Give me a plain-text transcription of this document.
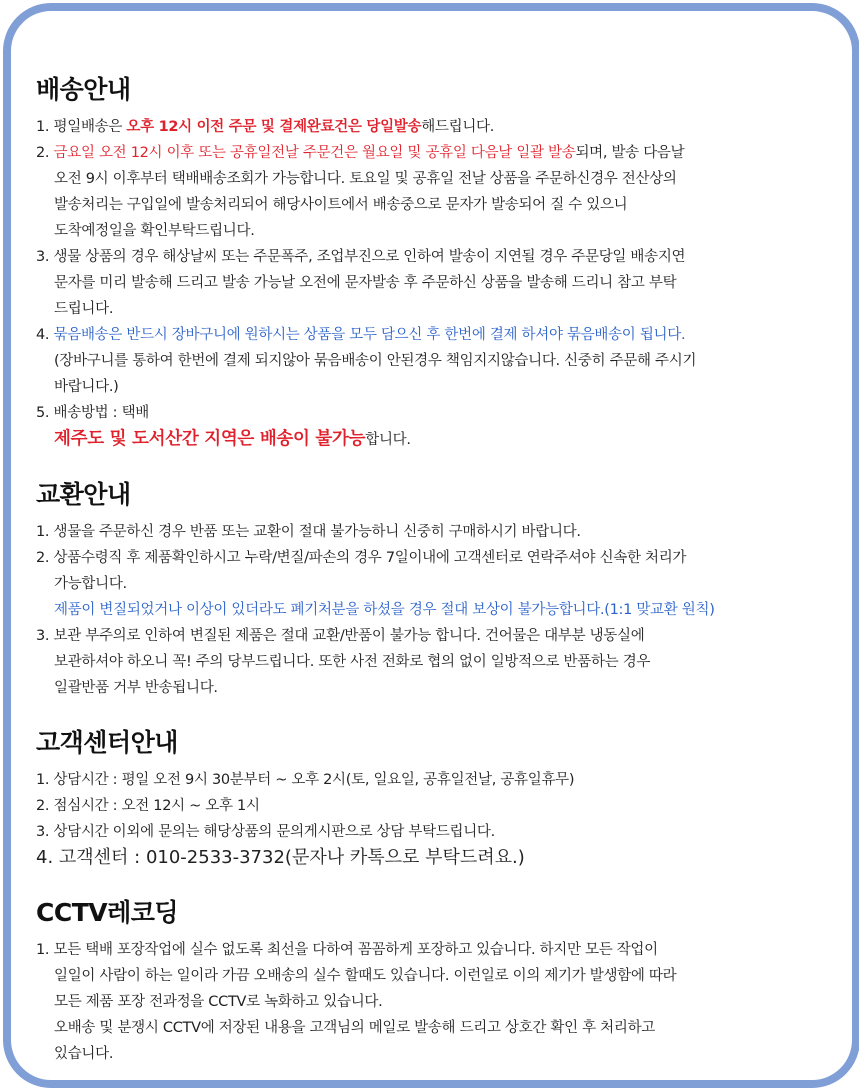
배송안내
1. 평일배송은 오후 12시 이전 주문 및 결제완료건은 당일발송해드립니다.
2. 금요일 오전 12시 이후 또는 공휴일전날 주문건은 월요일 및 공휴일 다음날 일괄 발송되며, 발송 다음날
오전 9시 이후부터 택배배송조회가 가능합니다. 토요일 및 공휴일 전날 상품을 주문하신경우 전산상의
발송처리는 구입일에 발송처리되어 해당사이트에서 배송중으로 문자가 발송되어 질 수 있으니
도착예정일을 확인부탁드립니다.
3. 생물 상품의 경우 해상날씨 또는 주문폭주, 조업부진으로 인하여 발송이 지연될 경우 주문당일 배송지연
문자를 미리 발송해 드리고 발송 가능날 오전에 문자발송 후 주문하신 상품을 발송해 드리니 참고 부탁
드립니다.
4. 묶음배송은 반드시 장바구니에 원하시는 상품을 모두 담으신 후 한번에 결제 하셔야 묶음배송이 됩니다.
(장바구니를 통하여 한번에 결제 되지않아 묶음배송이 안된경우 책임지지않습니다. 신중히 주문해 주시기
바랍니다.)
5. 배송방법 : 택배
제주도 및 도서산간 지역은 배송이 불가능합니다.
교환안내
1. 생물을 주문하신 경우 반품 또는 교환이 절대 불가능하니 신중히 구매하시기 바랍니다.
2. 상품수령직 후 제품확인하시고 누락/변질/파손의 경우 7일이내에 고객센터로 연락주셔야 신속한 처리가
가능합니다.
제품이 변질되었거나 이상이 있더라도 폐기처분을 하셨을 경우 절대 보상이 불가능합니다.(1:1 맞교환 원칙)
3. 보관 부주의로 인하여 변질된 제품은 절대 교환/반품이 불가능 합니다. 건어물은 대부분 냉동실에
보관하셔야 하오니 꼭! 주의 당부드립니다. 또한 사전 전화로 협의 없이 일방적으로 반품하는 경우
일괄반품 거부 반송됩니다.
고객센터안내
1. 상담시간 : 평일 오전 9시 30분부터 ~ 오후 2시(토, 일요일, 공휴일전날, 공휴일휴무)
2. 점심시간 : 오전 12시 ~ 오후 1시
3. 상담시간 이외에 문의는 해당상품의 문의게시판으로 상담 부탁드립니다.
4. 고객센터 : 010-2533-3732(문자나 카톡으로 부탁드려요.)
CCTV레코딩
1. 모든 택배 포장작업에 실수 없도록 최선을 다하여 꼼꼼하게 포장하고 있습니다. 하지만 모든 작업이
일일이 사람이 하는 일이라 가끔 오배송의 실수 할때도 있습니다. 이런일로 이의 제기가 발생함에 따라
모든 제품 포장 전과정을 CCTV로 녹화하고 있습니다.
오배송 및 분쟁시 CCTV에 저장된 내용을 고객님의 메일로 발송해 드리고 상호간 확인 후 처리하고
있습니다.
